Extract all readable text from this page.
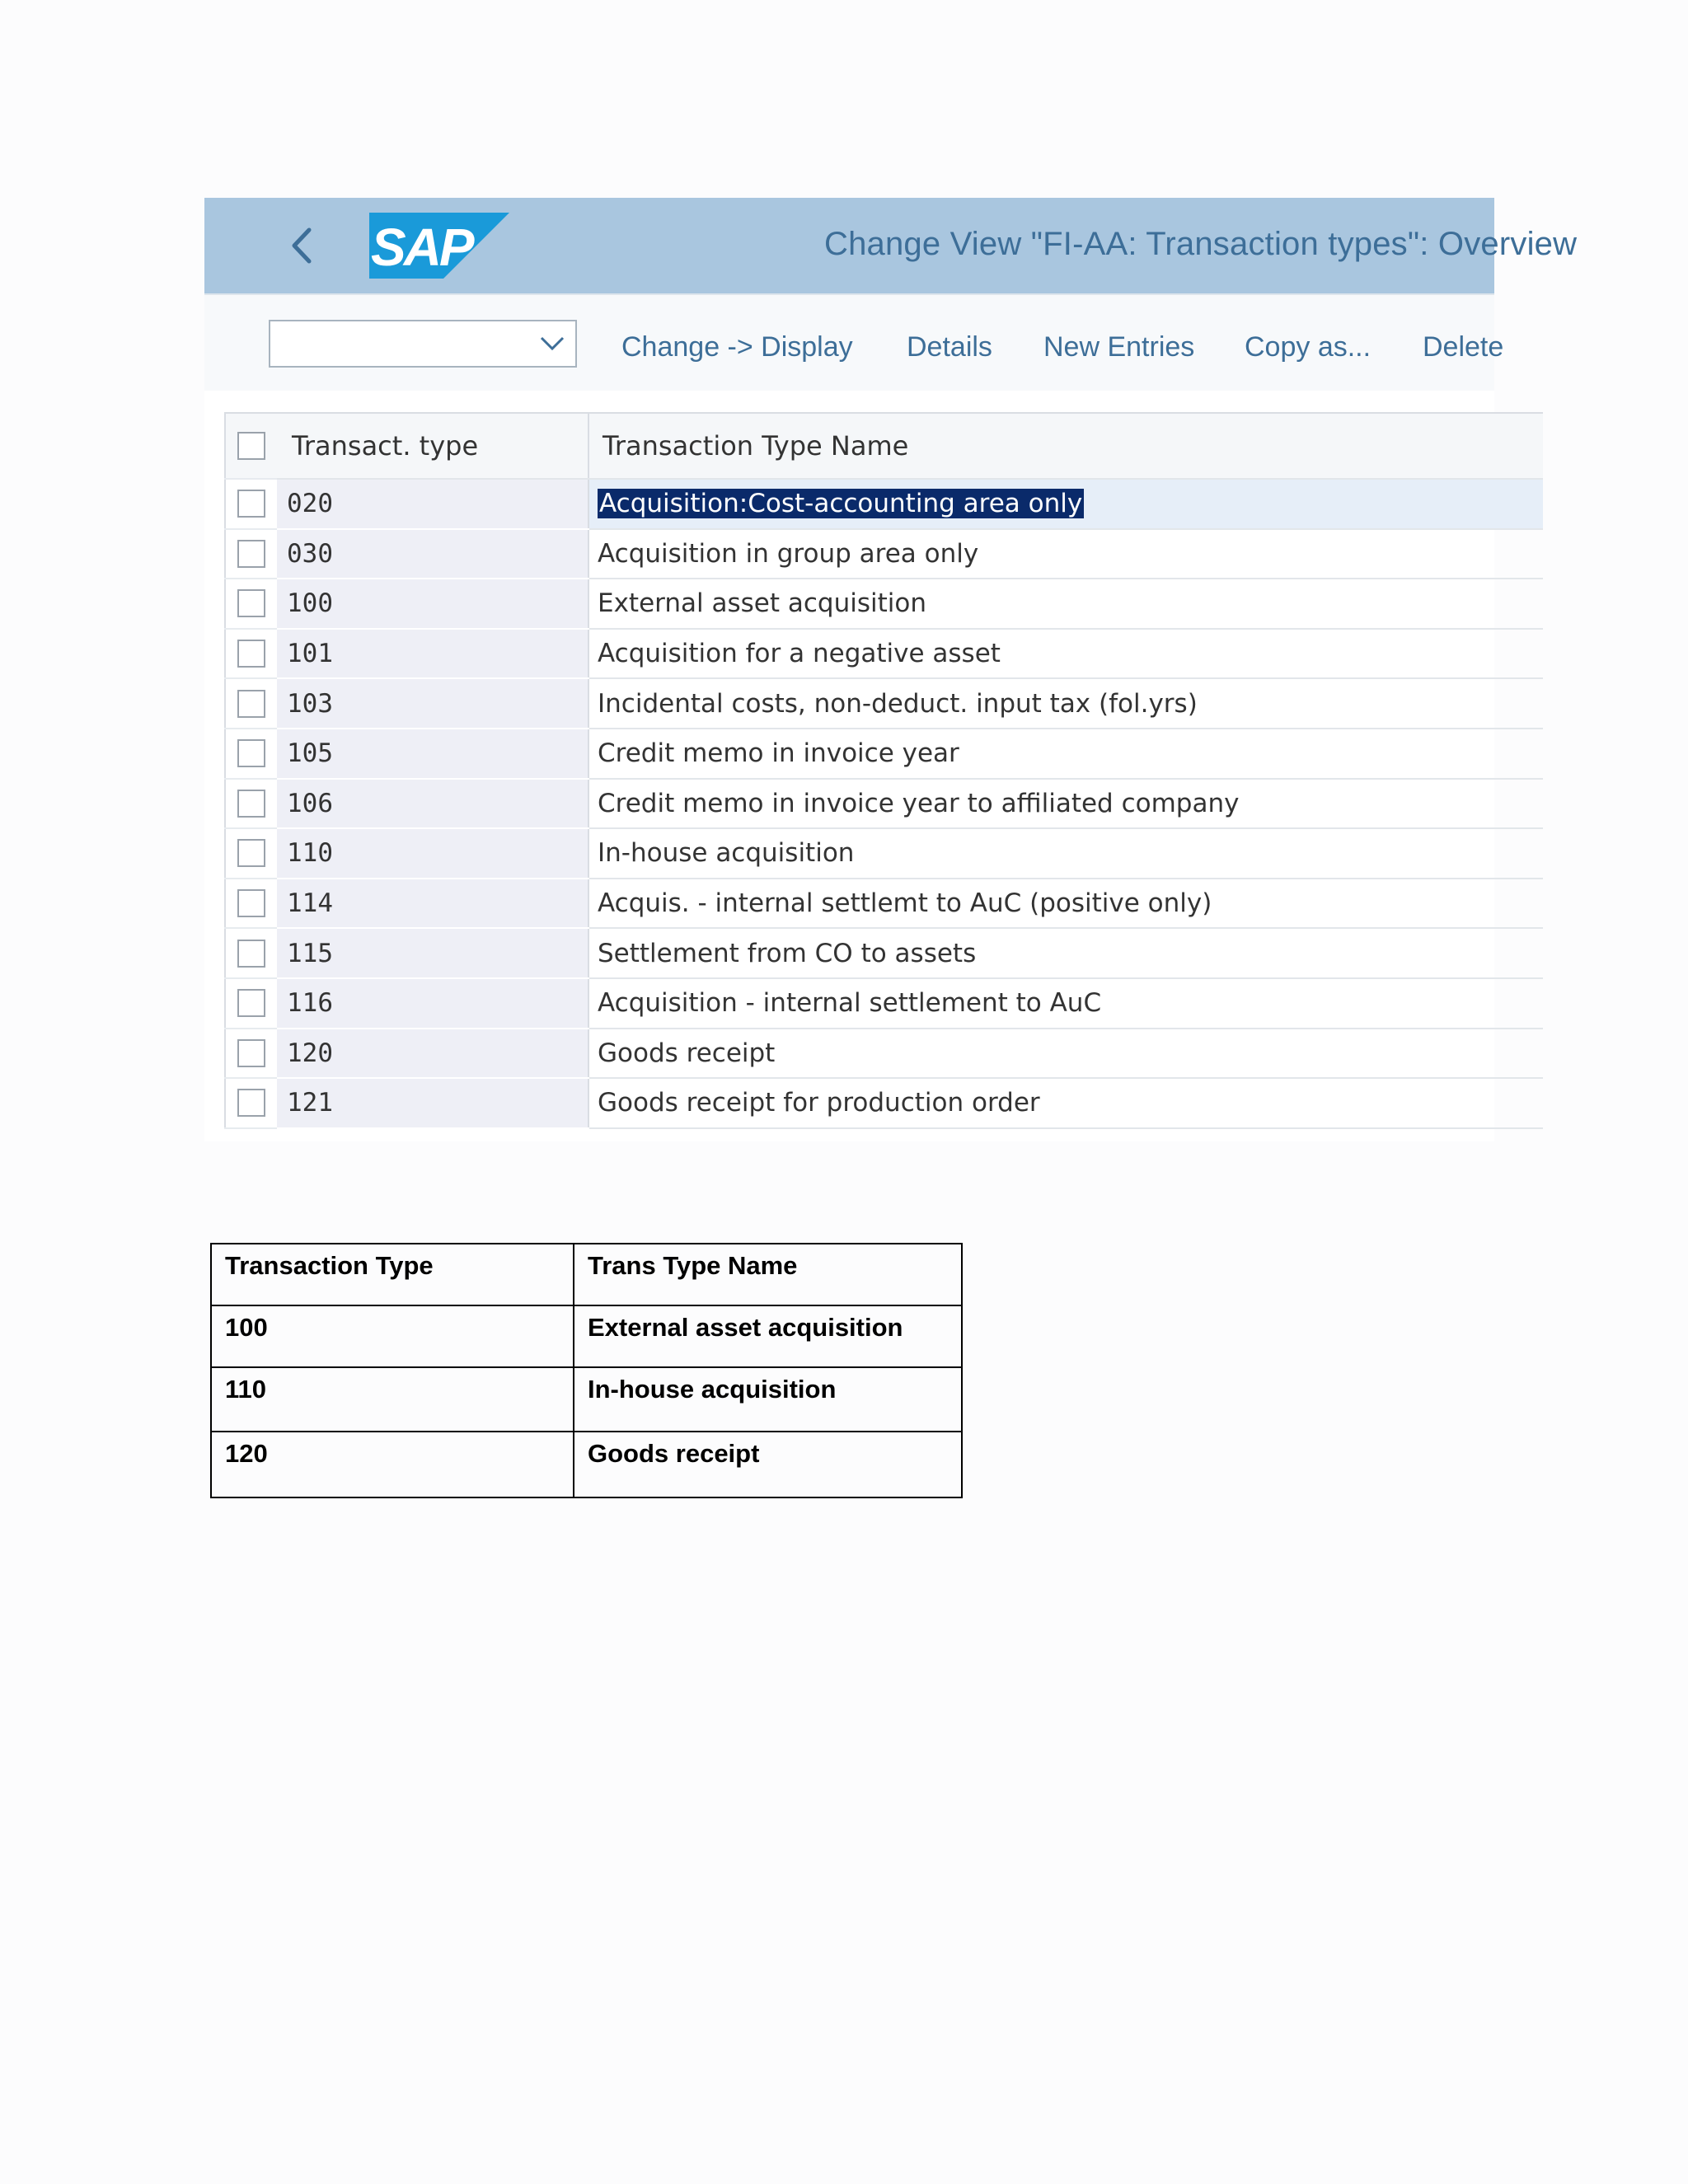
SAP	Change View "FI-AA: Transaction types": Overview
Change -> Display Details New Entries Copy as... Delete
	Transact. type	Transaction Type Name
	020	Acquisition:Cost-accounting area only
	030	Acquisition in group area only
	100	External asset acquisition
	101	Acquisition for a negative asset
	103	Incidental costs, non-deduct. input tax (fol.yrs)
	105	Credit memo in invoice year
	106	Credit memo in invoice year to affiliated company
	110	In-house acquisition
	114	Acquis. - internal settlemt to AuC (positive only)
	115	Settlement from CO to assets
	116	Acquisition - internal settlement to AuC
	120	Goods receipt
	121	Goods receipt for production order
Transaction Type	Trans Type Name
100	External asset acquisition
110	In-house acquisition
120	Goods receipt
